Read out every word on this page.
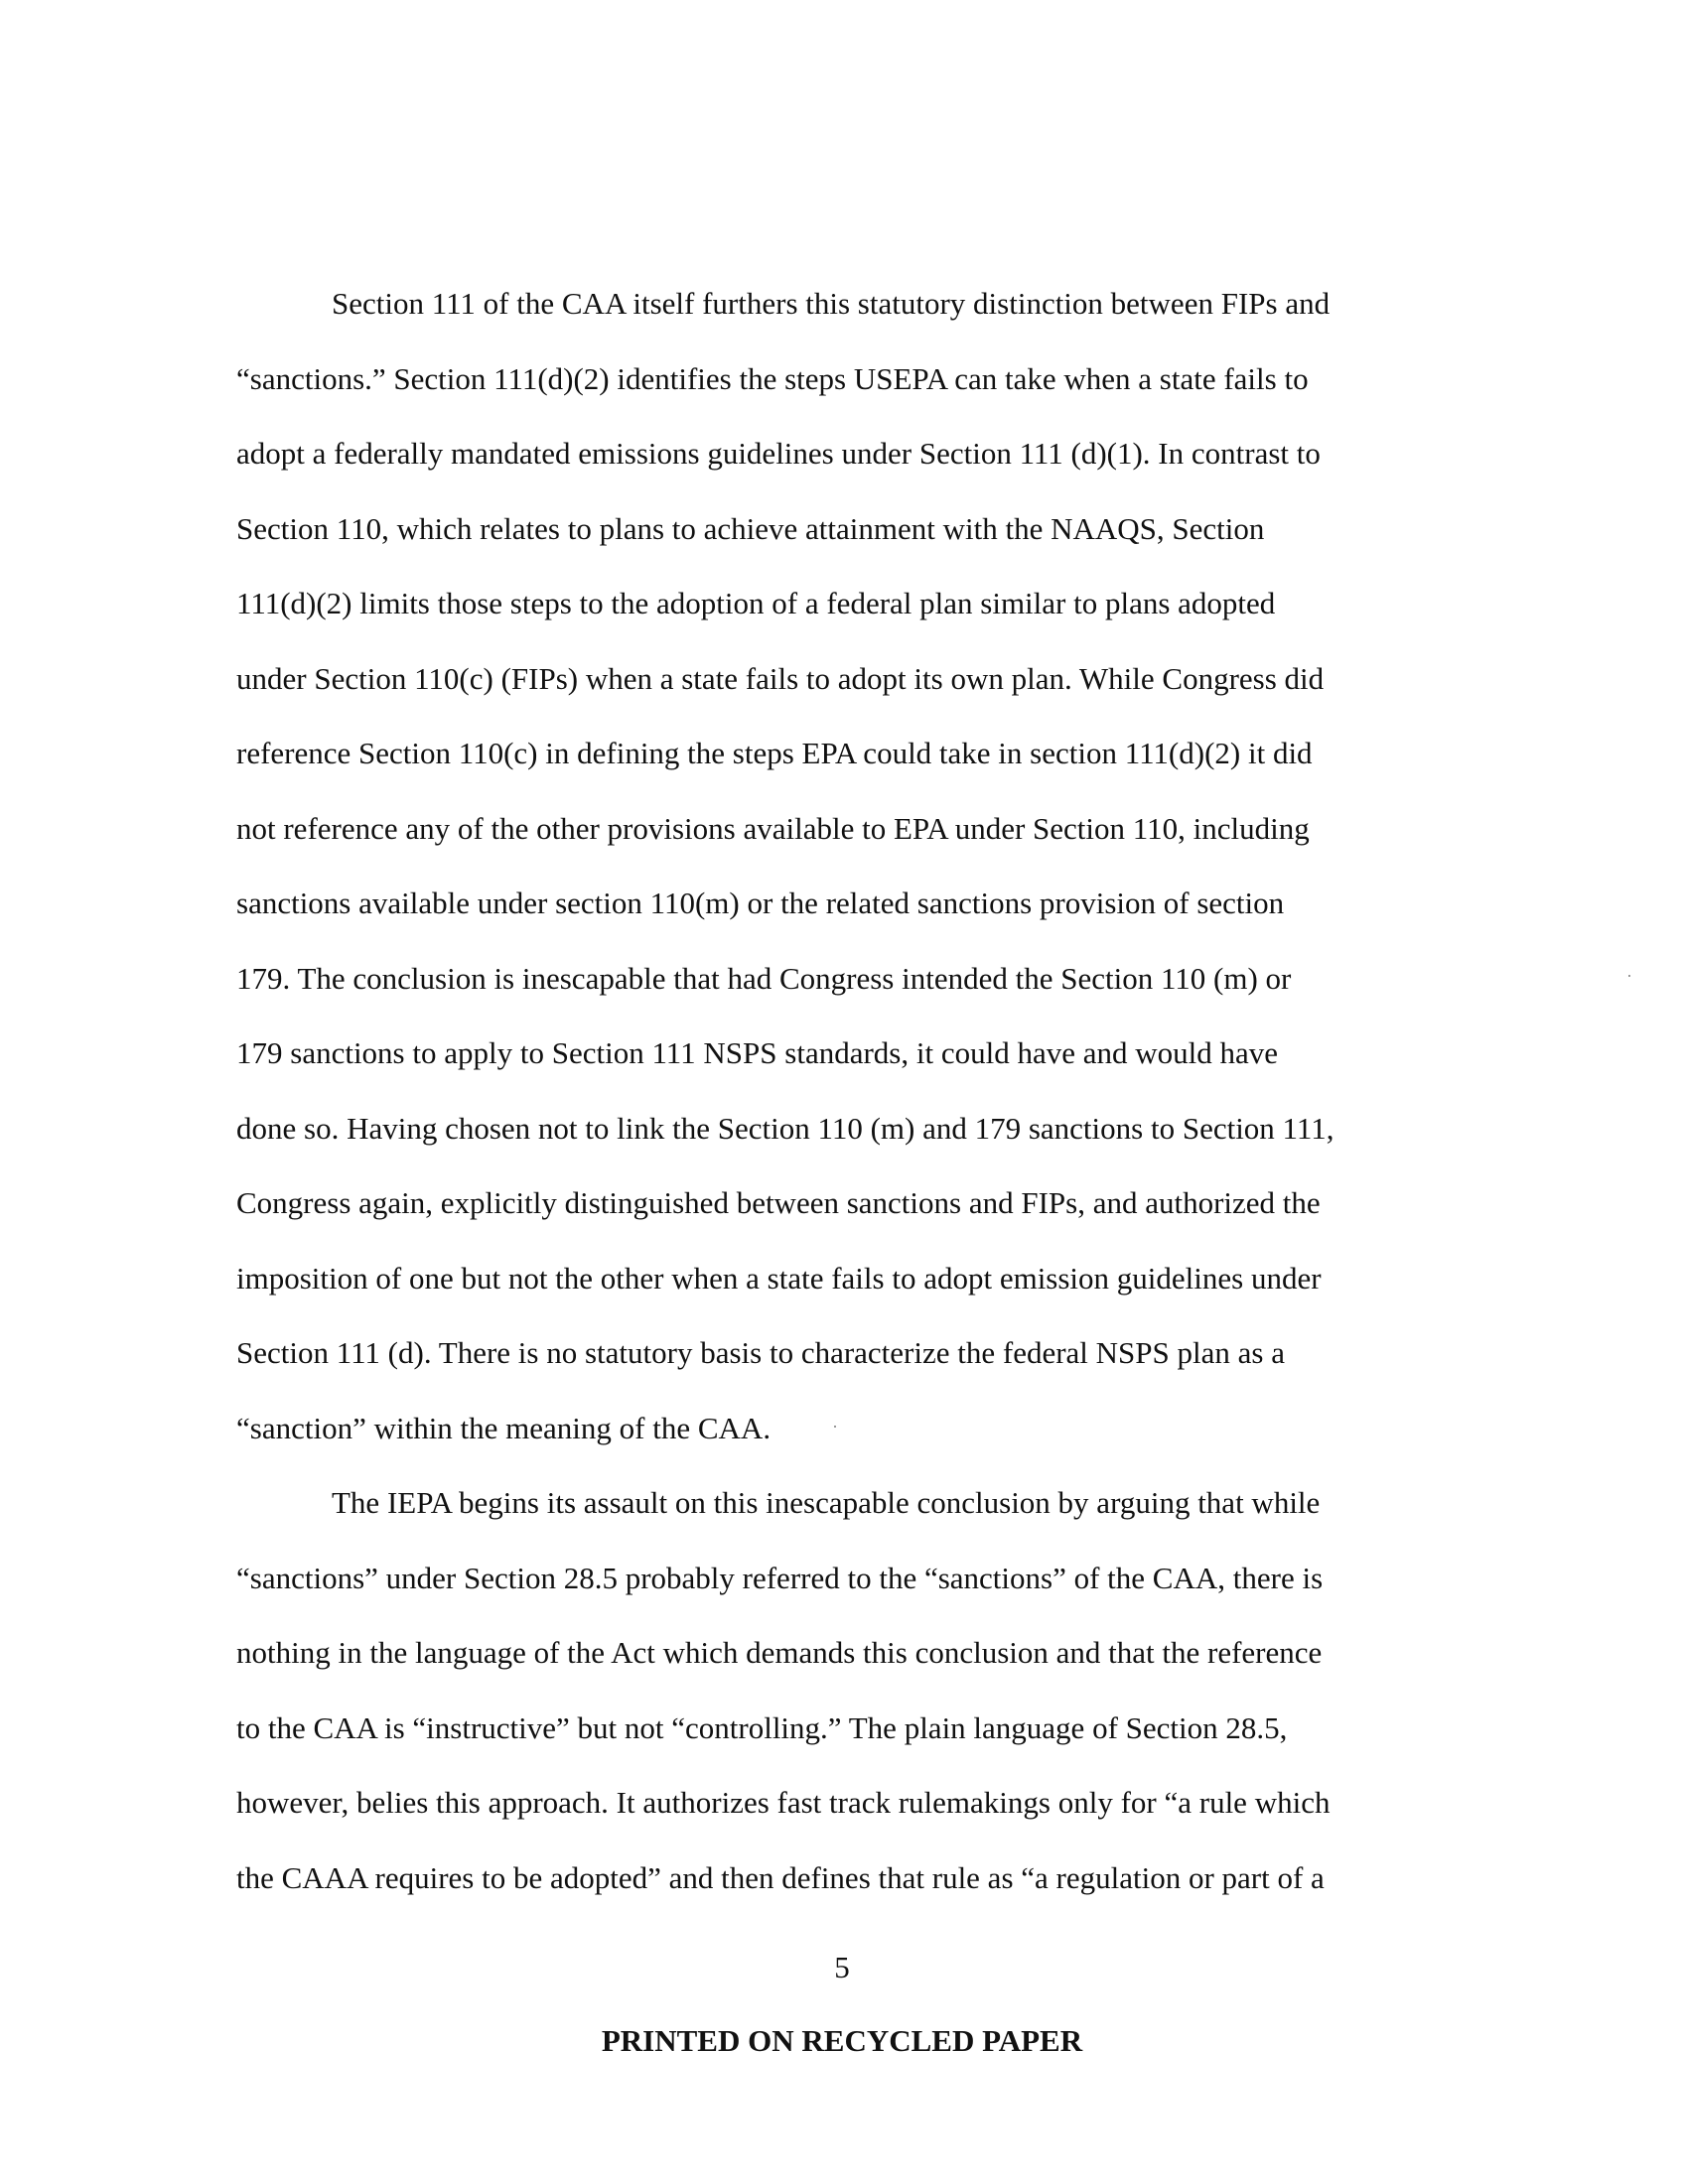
Section 111 of the CAA itself furthers this statutory distinction between FIPs and

“sanctions.” Section 111(d)(2) identifies the steps USEPA can take when a state fails to

adopt a federally mandated emissions guidelines under Section 111 (d)(1). In contrast to

Section 110, which relates to plans to achieve attainment with the NAAQS, Section

111(d)(2) limits those steps to the adoption of a federal plan similar to plans adopted

under Section 110(c) (FIPs) when a state fails to adopt its own plan. While Congress did

reference Section 110(c) in defining the steps EPA could take in section 111(d)(2) it did

not reference any of the other provisions available to EPA under Section 110, including

sanctions available under section 110(m) or the related sanctions provision of section

179. The conclusion is inescapable that had Congress intended the Section 110 (m) or

179 sanctions to apply to Section 111 NSPS standards, it could have and would have

done so. Having chosen not to link the Section 110 (m) and 179 sanctions to Section 111,

Congress again, explicitly distinguished between sanctions and FIPs, and authorized the

imposition of one but not the other when a state fails to adopt emission guidelines under

Section 111 (d). There is no statutory basis to characterize the federal NSPS plan as a

“sanction” within the meaning of the CAA.

The IEPA begins its assault on this inescapable conclusion by arguing that while

“sanctions” under Section 28.5 probably referred to the “sanctions” of the CAA, there is

nothing in the language of the Act which demands this conclusion and that the reference

to the CAA is “instructive” but not “controlling.” The plain language of Section 28.5,

however, belies this approach. It authorizes fast track rulemakings only for “a rule which

the CAAA requires to be adopted” and then defines that rule as “a regulation or part of a

5
PRINTED ON RECYCLED PAPER
